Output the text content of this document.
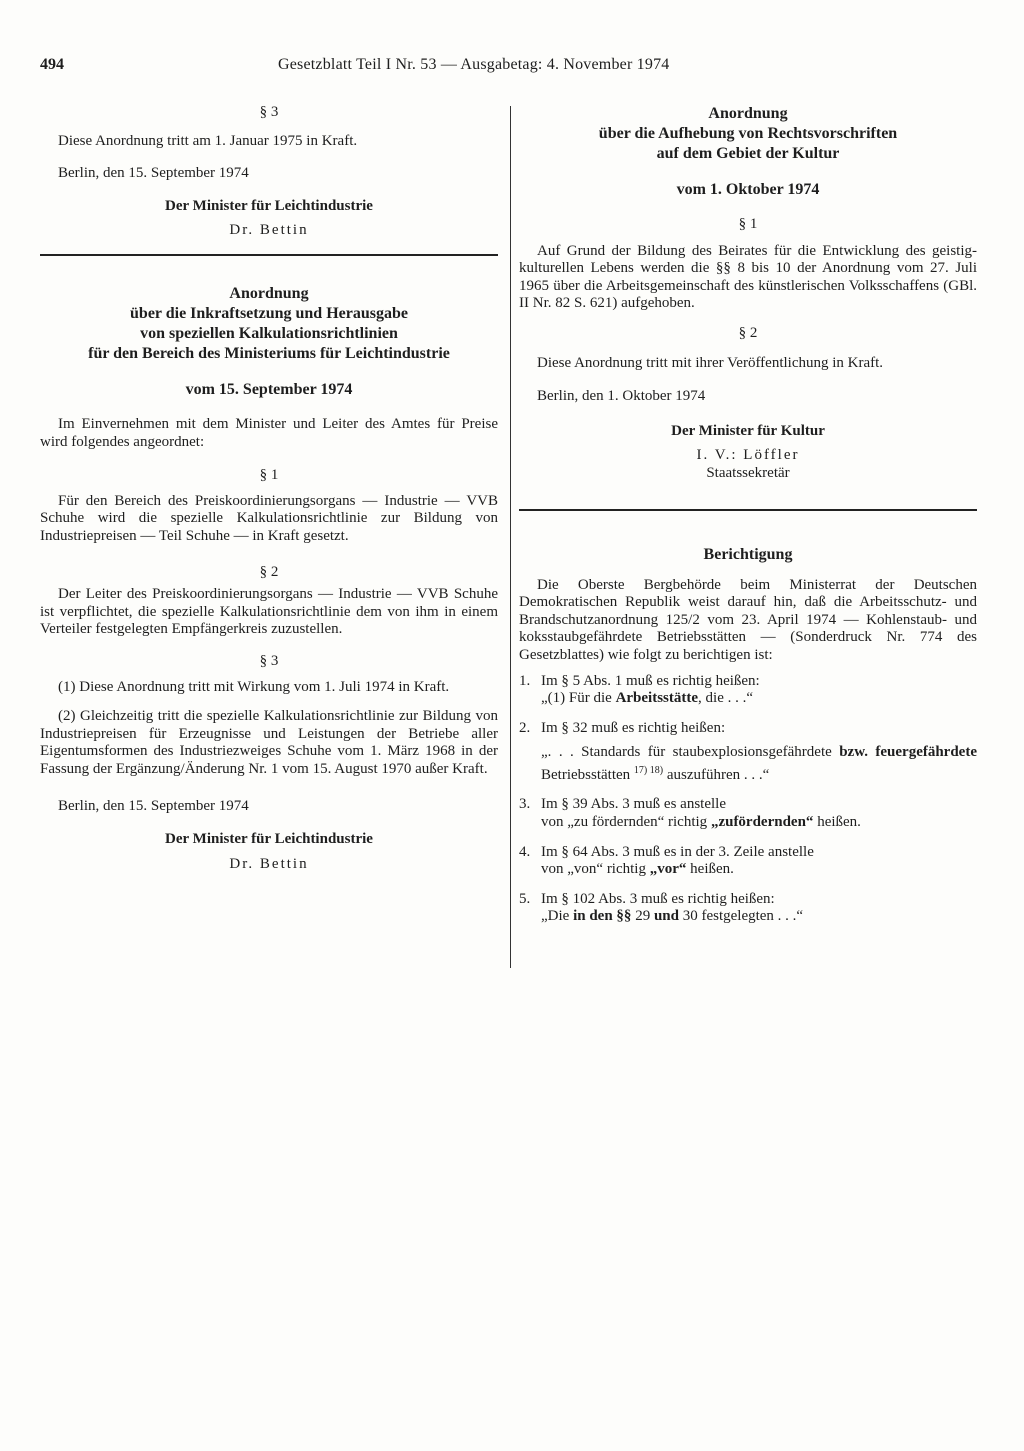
494	Gesetzblatt Teil I Nr. 53 — Ausgabetag: 4. November 1974

§ 3

Diese Anordnung tritt am 1. Januar 1975 in Kraft.

Berlin, den 15. September 1974

Der Minister für Leichtindustrie

Dr. Bettin

Anordnung

über die Inkraftsetzung und Herausgabe

von speziellen Kalkulationsrichtlinien

für den Bereich des Ministeriums für Leichtindustrie

vom 15. September 1974

Im Einvernehmen mit dem Minister und Leiter des Amtes für Preise wird folgendes angeordnet:

§ 1

Für den Bereich des Preiskoordinierungsorgans — Industrie — VVB Schuhe wird die spezielle Kalkulationsrichtlinie zur Bildung von Industriepreisen — Teil Schuhe — in Kraft gesetzt.

§ 2

Der Leiter des Preiskoordinierungsorgans — Industrie — VVB Schuhe ist verpflichtet, die spezielle Kalkulationsrichtlinie dem von ihm in einem Verteiler festgelegten Empfängerkreis zuzustellen.

§ 3

(1) Diese Anordnung tritt mit Wirkung vom 1. Juli 1974 in Kraft.

(2) Gleichzeitig tritt die spezielle Kalkulationsrichtlinie zur Bildung von Industriepreisen für Erzeugnisse und Leistungen der Betriebe aller Eigentumsformen des Industriezweiges Schuhe vom 1. März 1968 in der Fassung der Ergänzung/Änderung Nr. 1 vom 15. August 1970 außer Kraft.

Berlin, den 15. September 1974

Der Minister für Leichtindustrie

Dr. Bettin

Anordnung

über die Aufhebung von Rechtsvorschriften

auf dem Gebiet der Kultur

vom 1. Oktober 1974

§ 1

Auf Grund der Bildung des Beirates für die Entwicklung des geistig-kulturellen Lebens werden die §§ 8 bis 10 der Anordnung vom 27. Juli 1965 über die Arbeitsgemeinschaft des künstlerischen Volksschaffens (GBl. II Nr. 82 S. 621) aufgehoben.

§ 2

Diese Anordnung tritt mit ihrer Veröffentlichung in Kraft.

Berlin, den 1. Oktober 1974

Der Minister für Kultur

I. V.: Löffler

Staatssekretär

Berichtigung

Die Oberste Bergbehörde beim Ministerrat der Deutschen Demokratischen Republik weist darauf hin, daß die Arbeitsschutz- und Brandschutzanordnung 125/2 vom 23. April 1974 — Kohlenstaub- und koksstaubgefährdete Betriebsstätten — (Sonderdruck Nr. 774 des Gesetzblattes) wie folgt zu berichtigen ist:

1. Im § 5 Abs. 1 muß es richtig heißen:
„(1) Für die Arbeitsstätte, die . . .“
2. Im § 32 muß es richtig heißen:
„. . . Standards für staubexplosionsgefährdete bzw. feuergefährdete Betriebsstätten $^{17) 18)}$ auszuführen . . .“
3. Im § 39 Abs. 3 muß es anstelle
von „zu fördernden“ richtig „zufördernden“ heißen.
4. Im § 64 Abs. 3 muß es in der 3. Zeile anstelle
von „von“ richtig „vor“ heißen.
5. Im § 102 Abs. 3 muß es richtig heißen:
„Die in den §§ 29 und 30 festgelegten . . .“
